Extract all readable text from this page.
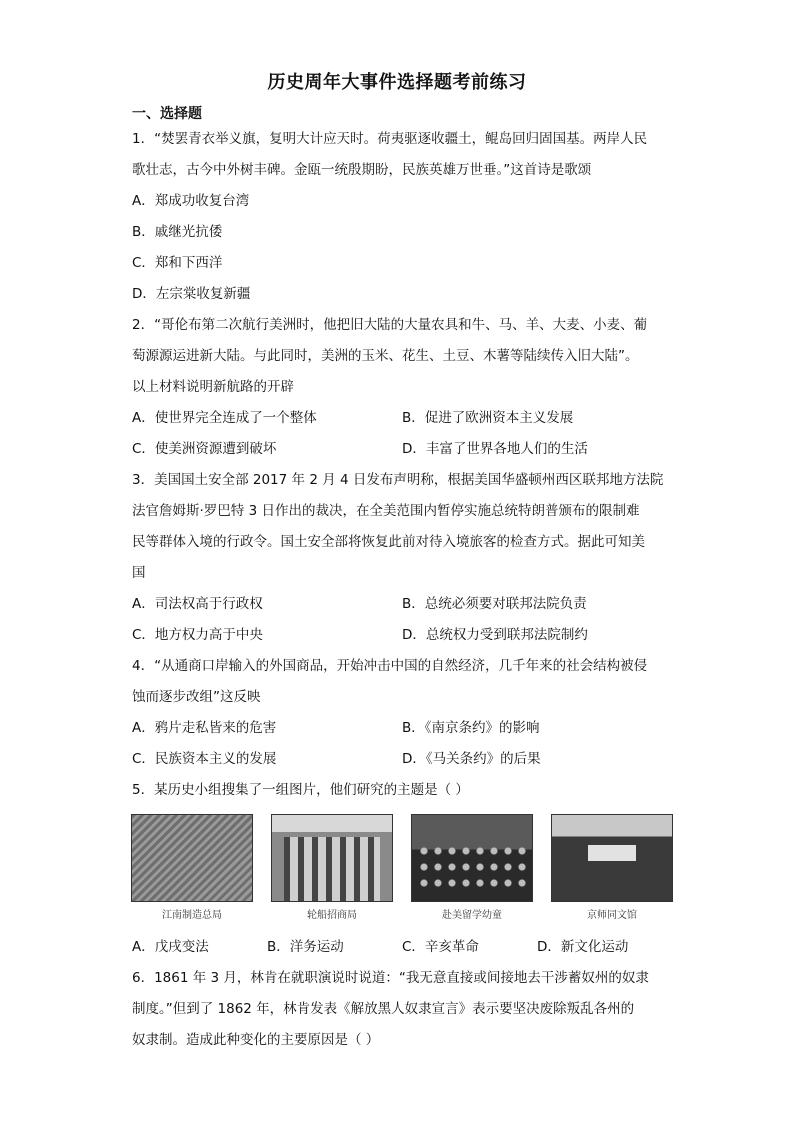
历史周年大事件选择题考前练习
一、选择题
1．“焚罢青衣举义旗，复明大计应天时。荷夷驱逐收疆土，鲲岛回归固国基。两岸人民
歌壮志，古今中外树丰碑。金瓯一统殷期盼，民族英雄万世垂。”这首诗是歌颂
A．郑成功收复台湾
B．戚继光抗倭
C．郑和下西洋
D．左宗棠收复新疆
2．“哥伦布第二次航行美洲时，他把旧大陆的大量农具和牛、马、羊、大麦、小麦、葡
萄源源运进新大陆。与此同时，美洲的玉米、花生、土豆、木薯等陆续传入旧大陆”。
以上材料说明新航路的开辟
A．使世界完全连成了一个整体	B．促进了欧洲资本主义发展
C．使美洲资源遭到破坏	D．丰富了世界各地人们的生活
3．美国国土安全部 2017 年 2 月 4 日发布声明称，根据美国华盛顿州西区联邦地方法院
法官詹姆斯·罗巴特 3 日作出的裁决，在全美范围内暂停实施总统特朗普颁布的限制难
民等群体入境的行政令。国土安全部将恢复此前对待入境旅客的检查方式。据此可知美
国
A．司法权高于行政权	B．总统必须要对联邦法院负责
C．地方权力高于中央	D．总统权力受到联邦法院制约
4．“从通商口岸输入的外国商品，开始冲击中国的自然经济，几千年来的社会结构被侵
蚀而逐步改组”这反映
A．鸦片走私皆来的危害	B．《南京条约》的影响
C．民族资本主义的发展	D．《马关条约》的后果
5．某历史小组搜集了一组图片，他们研究的主题是（ ）
江南制造总局	轮船招商局	赴美留学幼童	京师同文馆
A．戊戌变法	B．洋务运动	C．辛亥革命	D．新文化运动
6．1861 年 3 月，林肯在就职演说时说道：“我无意直接或间接地去干涉蓄奴州的奴隶
制度。”但到了 1862 年，林肯发表《解放黑人奴隶宣言》表示要坚决废除叛乱各州的
奴隶制。造成此种变化的主要原因是（ ）
